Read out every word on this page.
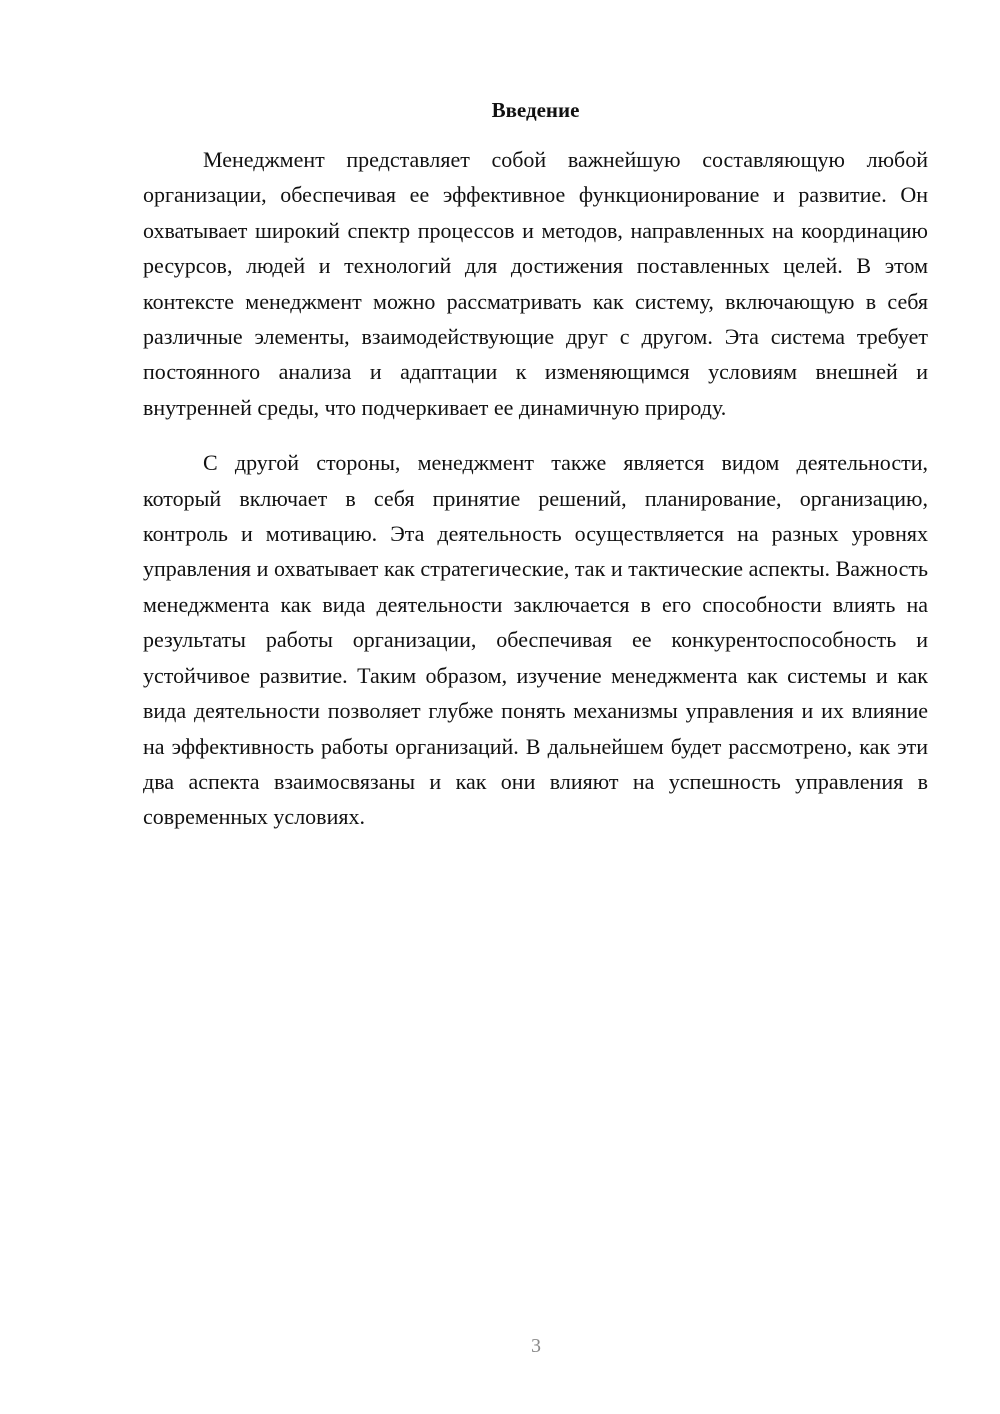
Введение

Менеджмент представляет собой важнейшую составляющую любой организации, обеспечивая ее эффективное функционирование и развитие. Он охватывает широкий спектр процессов и методов, направленных на координацию ресурсов, людей и технологий для достижения поставленных целей. В этом контексте менеджмент можно рассматривать как систему, включающую в себя различные элементы, взаимодействующие друг с другом. Эта система требует постоянного анализа и адаптации к изменяющимся условиям внешней и внутренней среды, что подчеркивает ее динамичную природу.

С другой стороны, менеджмент также является видом деятельности, который включает в себя принятие решений, планирование, организацию, контроль и мотивацию. Эта деятельность осуществляется на разных уровнях управления и охватывает как стратегические, так и тактические аспекты. Важность менеджмента как вида деятельности заключается в его способности влиять на результаты работы организации, обеспечивая ее конкурентоспособность и устойчивое развитие. Таким образом, изучение менеджмента как системы и как вида деятельности позволяет глубже понять механизмы управления и их влияние на эффективность работы организаций. В дальнейшем будет рассмотрено, как эти два аспекта взаимосвязаны и как они влияют на успешность управления в современных условиях.

3
